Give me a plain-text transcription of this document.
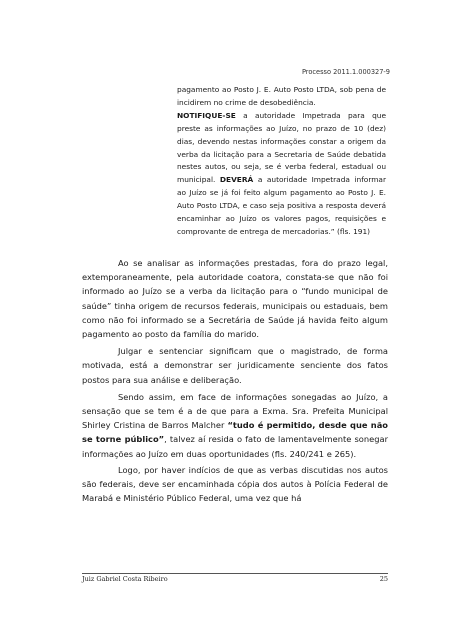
Processo 2011.1.000327-9

pagamento ao Posto J. E. Auto Posto LTDA, sob pena de incidirem no crime de desobediência.

NOTIFIQUE-SE a autoridade Impetrada para que preste as informações ao Juízo, no prazo de 10 (dez) dias, devendo nestas informações constar a origem da verba da licitação para a Secretaria de Saúde debatida nestes autos, ou seja, se é verba federal, estadual ou municipal. DEVERÁ a autoridade Impetrada informar ao Juízo se já foi feito algum pagamento ao Posto J. E. Auto Posto LTDA, e caso seja positiva a resposta deverá encaminhar ao Juízo os valores pagos, requisições e comprovante de entrega de mercadorias.” (fls. 191)

Ao se analisar as informações prestadas, fora do prazo legal, extemporaneamente, pela autoridade coatora, constata-se que não foi informado ao Juízo se a verba da licitação para o “fundo municipal de saúde” tinha origem de recursos federais, municipais ou estaduais, bem como não foi informado se a Secretária de Saúde já havida feito algum pagamento ao posto da família do marido.

Julgar e sentenciar significam que o magistrado, de forma motivada, está a demonstrar ser juridicamente senciente dos fatos postos para sua análise e deliberação.

Sendo assim, em face de informações sonegadas ao Juízo, a sensação que se tem é a de que para a Exma. Sra. Prefeita Municipal Shirley Cristina de Barros Malcher “tudo é permitido, desde que não se torne público”, talvez aí resida o fato de lamentavelmente sonegar informações ao Juízo em duas oportunidades (fls. 240/241 e 265).

Logo, por haver indícios de que as verbas discutidas nos autos são federais, deve ser encaminhada cópia dos autos à Polícia Federal de Marabá e Ministério Público Federal, uma vez que há

Juiz Gabriel Costa Ribeiro	25
